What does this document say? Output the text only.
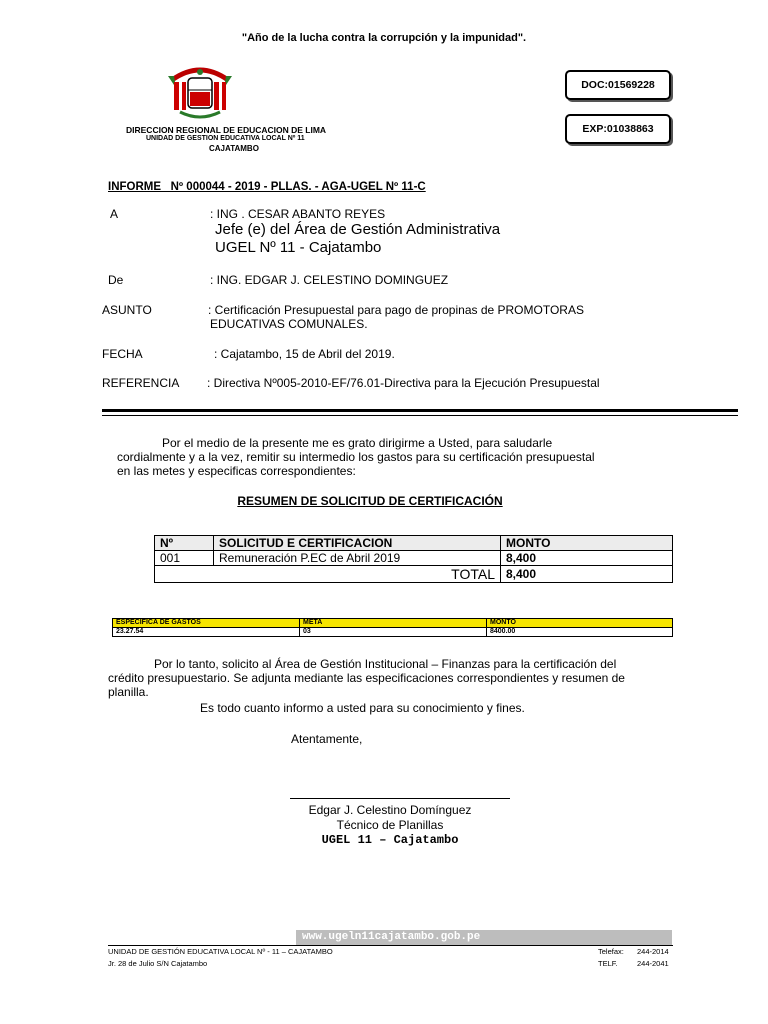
"Año de la lucha contra la corrupción y la impunidad".
DIRECCION REGIONAL DE EDUCACION DE LIMA
UNIDAD DE GESTION EDUCATIVA LOCAL Nº 11
CAJATAMBO
DOC:01569228
EXP:01038863
INFORME   Nº 000044 - 2019 - PLLAS. - AGA-UGEL Nº 11-C
A	: ING . CESAR ABANTO REYES
Jefe (e) del Área de Gestión Administrativa
UGEL Nº 11 - Cajatambo
De	: ING. EDGAR J. CELESTINO DOMINGUEZ
ASUNTO	: Certificación Presupuestal para pago de propinas de PROMOTORAS
EDUCATIVAS COMUNALES.
FECHA	: Cajatambo, 15 de Abril del 2019.
REFERENCIA : Directiva Nº005-2010-EF/76.01-Directiva para la Ejecución Presupuestal
Por el medio de la presente me es grato dirigirme a Usted, para saludarle
cordialmente y a la vez, remitir su intermedio los gastos para su certificación presupuestal
en las metes y especificas correspondientes:
RESUMEN DE SOLICITUD DE CERTIFICACIÓN
Nº	SOLICITUD E CERTIFICACION	MONTO
001	Remuneración P.EC de Abril 2019	8,400
TOTAL		8,400
ESPECIFICA DE GASTOS	META	MONTO
23.27.54	03	8400.00
Por lo tanto, solicito al Área de Gestión Institucional – Finanzas para la certificación del
crédito presupuestario. Se adjunta mediante las especificaciones correspondientes y resumen de
planilla.
Es todo cuanto informo a usted para su conocimiento y fines.
Atentamente,
Edgar J. Celestino Domínguez
Técnico de Planillas
UGEL 11 – Cajatambo
www.ugeln11cajatambo.gob.pe
UNIDAD DE GESTIÓN EDUCATIVA LOCAL Nº - 11 – CAJATAMBO
Jr. 28 de Julio S/N Cajatambo
Telefax: 244-2014
TELF.	244-2041
